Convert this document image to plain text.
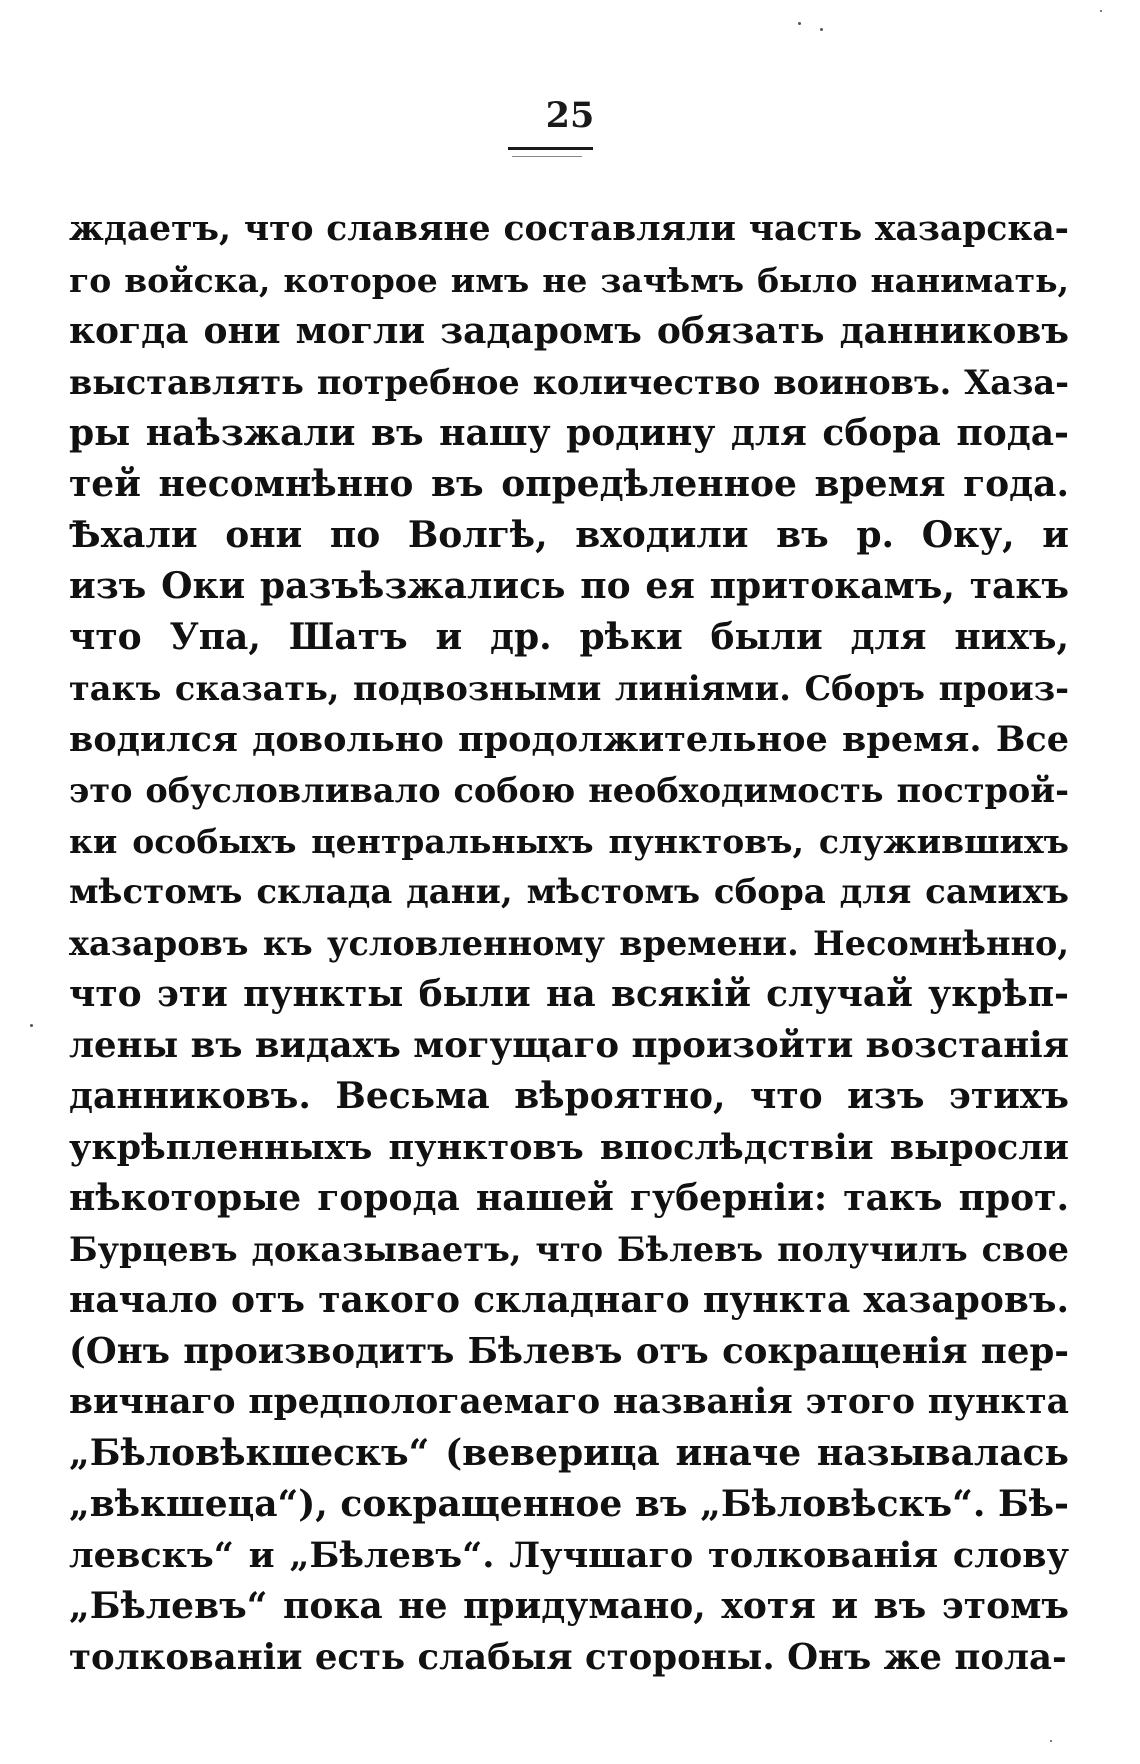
25
ждаетъ, что славяне составляли часть хазарска-
го войска, которое имъ не зачѣмъ было нанимать,
когда они могли задаромъ обязать данниковъ
выставлять потребное количество воиновъ. Хаза-
ры наѣзжали въ нашу родину для сбора пода-
тей несомнѣнно въ опредѣленное время года.
Ѣхали они по Волгѣ, входили въ р. Оку, и
изъ Оки разъѣзжались по ея притокамъ, такъ
что Упа, Шатъ и др. рѣки были для нихъ,
такъ сказать, подвозными линіями. Сборъ произ-
водился довольно продолжительное время. Все
это обусловливало собою необходимость построй-
ки особыхъ центральныхъ пунктовъ, служившихъ
мѣстомъ склада дани, мѣстомъ сбора для самихъ
хазаровъ къ условленному времени. Несомнѣнно,
что эти пункты были на всякій случай укрѣп-
лены въ видахъ могущаго произойти возстанія
данниковъ. Весьма вѣроятно, что изъ этихъ
укрѣпленныхъ пунктовъ впослѣдствіи выросли
нѣкоторые города нашей губерніи: такъ прот.
Бурцевъ доказываетъ, что Бѣлевъ получилъ свое
начало отъ такого складнаго пункта хазаровъ.
(Онъ производитъ Бѣлевъ отъ сокращенія пер-
вичнаго предпологаемаго названія этого пункта
„Бѣловѣкшескъ“ (веверица иначе называлась
„вѣкшеца“), сокращенное въ „Бѣловѣскъ“. Бѣ-
левскъ“ и „Бѣлевъ“. Лучшаго толкованія слову
„Бѣлевъ“ пока не придумано, хотя и въ этомъ
толкованіи есть слабыя стороны. Онъ же пола-
